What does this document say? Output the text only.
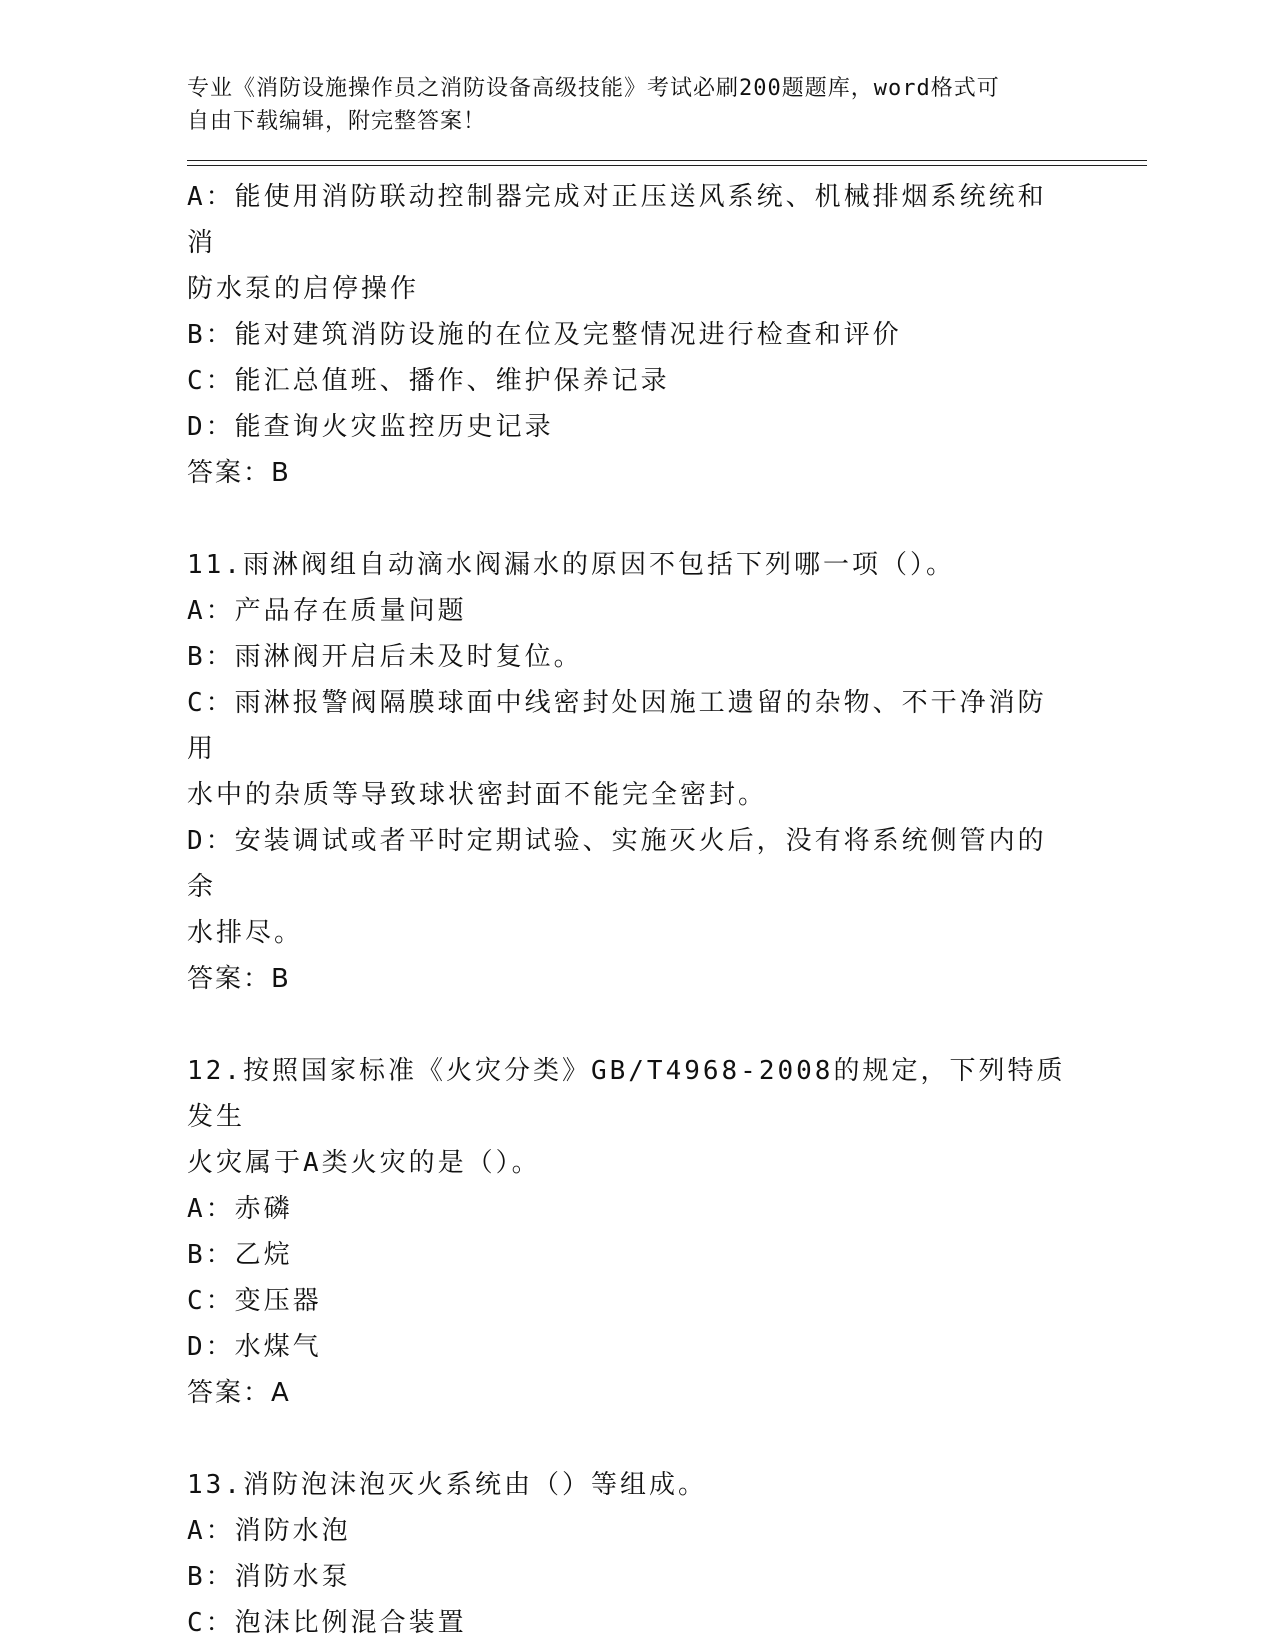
专业《消防设施操作员之消防设备高级技能》考试必刷200题题库，word格式可
自由下载编辑，附完整答案！

A：能使用消防联动控制器完成对正压送风系统、机械排烟系统统和消

防水泵的启停操作

B：能对建筑消防设施的在位及完整情况进行检查和评价

C：能汇总值班、播作、维护保养记录

D：能查询火灾监控历史记录

答案：B

11.雨淋阀组自动滴水阀漏水的原因不包括下列哪一项（）。

A：产品存在质量问题

B：雨淋阀开启后未及时复位。

C：雨淋报警阀隔膜球面中线密封处因施工遗留的杂物、不干净消防用

水中的杂质等导致球状密封面不能完全密封。

D：安装调试或者平时定期试验、实施灭火后，没有将系统侧管内的余

水排尽。

答案：B

12.按照国家标准《火灾分类》GB/T4968-2008的规定，下列特质发生

火灾属于A类火灾的是（）。

A：赤磷

B：乙烷

C：变压器

D：水煤气

答案：A

13.消防泡沫泡灭火系统由（）等组成。

A：消防水泡

B：消防水泵

C：泡沫比例混合装置
